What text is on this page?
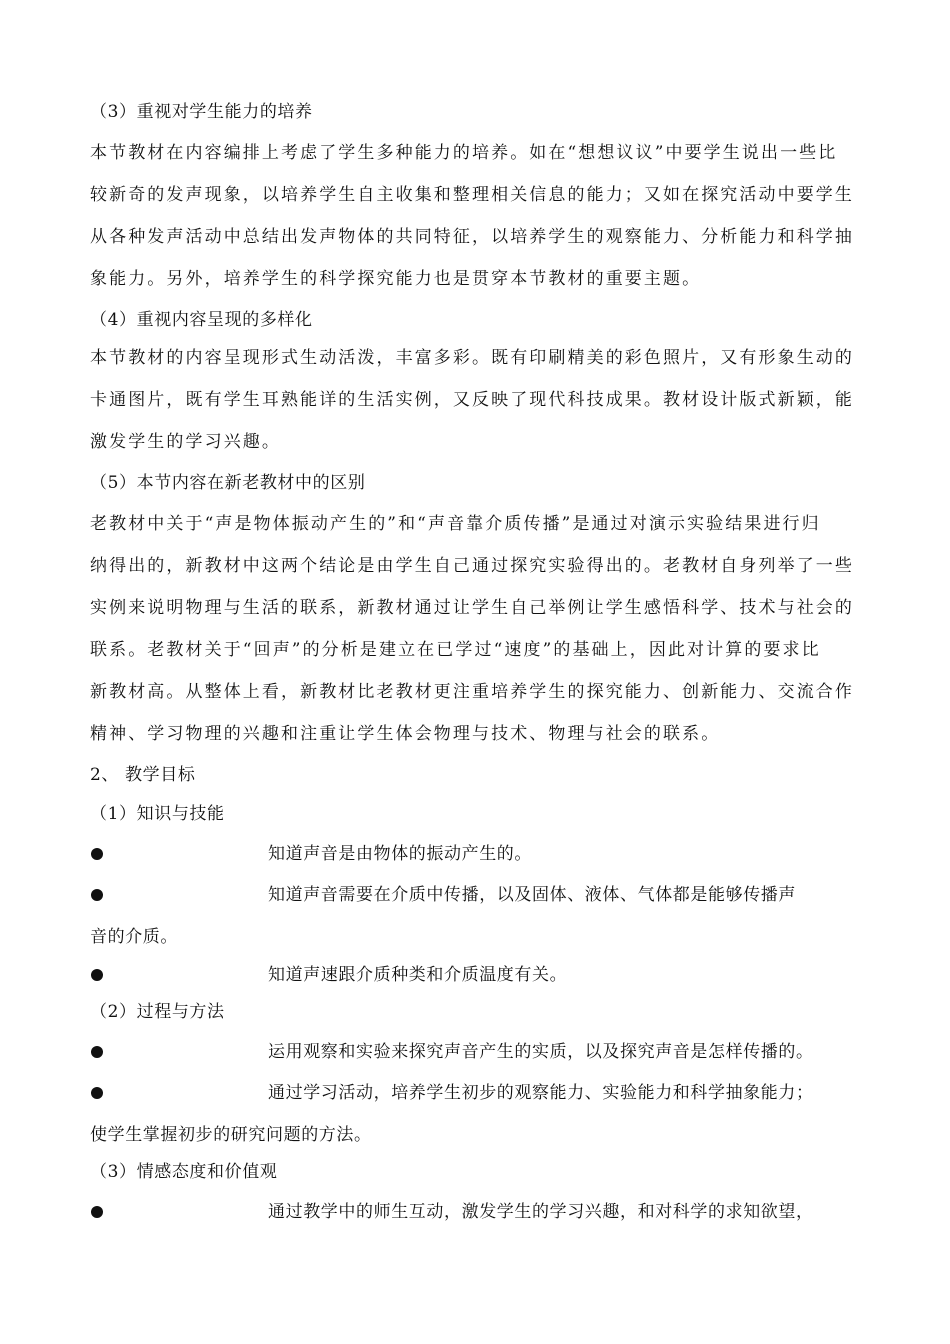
（3）重视对学生能力的培养
本节教材在内容编排上考虑了学生多种能力的培养。如在“想想议议”中要学生说出一些比
较新奇的发声现象，以培养学生自主收集和整理相关信息的能力；又如在探究活动中要学生
从各种发声活动中总结出发声物体的共同特征，以培养学生的观察能力、分析能力和科学抽
象能力。另外，培养学生的科学探究能力也是贯穿本节教材的重要主题。
（4）重视内容呈现的多样化
本节教材的内容呈现形式生动活泼，丰富多彩。既有印刷精美的彩色照片，又有形象生动的
卡通图片，既有学生耳熟能详的生活实例，又反映了现代科技成果。教材设计版式新颖，能
激发学生的学习兴趣。
（5）本节内容在新老教材中的区别
老教材中关于“声是物体振动产生的”和“声音靠介质传播”是通过对演示实验结果进行归
纳得出的，新教材中这两个结论是由学生自己通过探究实验得出的。老教材自身列举了一些
实例来说明物理与生活的联系，新教材通过让学生自己举例让学生感悟科学、技术与社会的
联系。老教材关于“回声”的分析是建立在已学过“速度”的基础上，因此对计算的要求比
新教材高。从整体上看，新教材比老教材更注重培养学生的探究能力、创新能力、交流合作
精神、学习物理的兴趣和注重让学生体会物理与技术、物理与社会的联系。
2、 教学目标
（1）知识与技能
知道声音是由物体的振动产生的。
知道声音需要在介质中传播，以及固体、液体、气体都是能够传播声
音的介质。
知道声速跟介质种类和介质温度有关。
（2）过程与方法
运用观察和实验来探究声音产生的实质，以及探究声音是怎样传播的。
通过学习活动，培养学生初步的观察能力、实验能力和科学抽象能力；
使学生掌握初步的研究问题的方法。
（3）情感态度和价值观
通过教学中的师生互动，激发学生的学习兴趣，和对科学的求知欲望，
